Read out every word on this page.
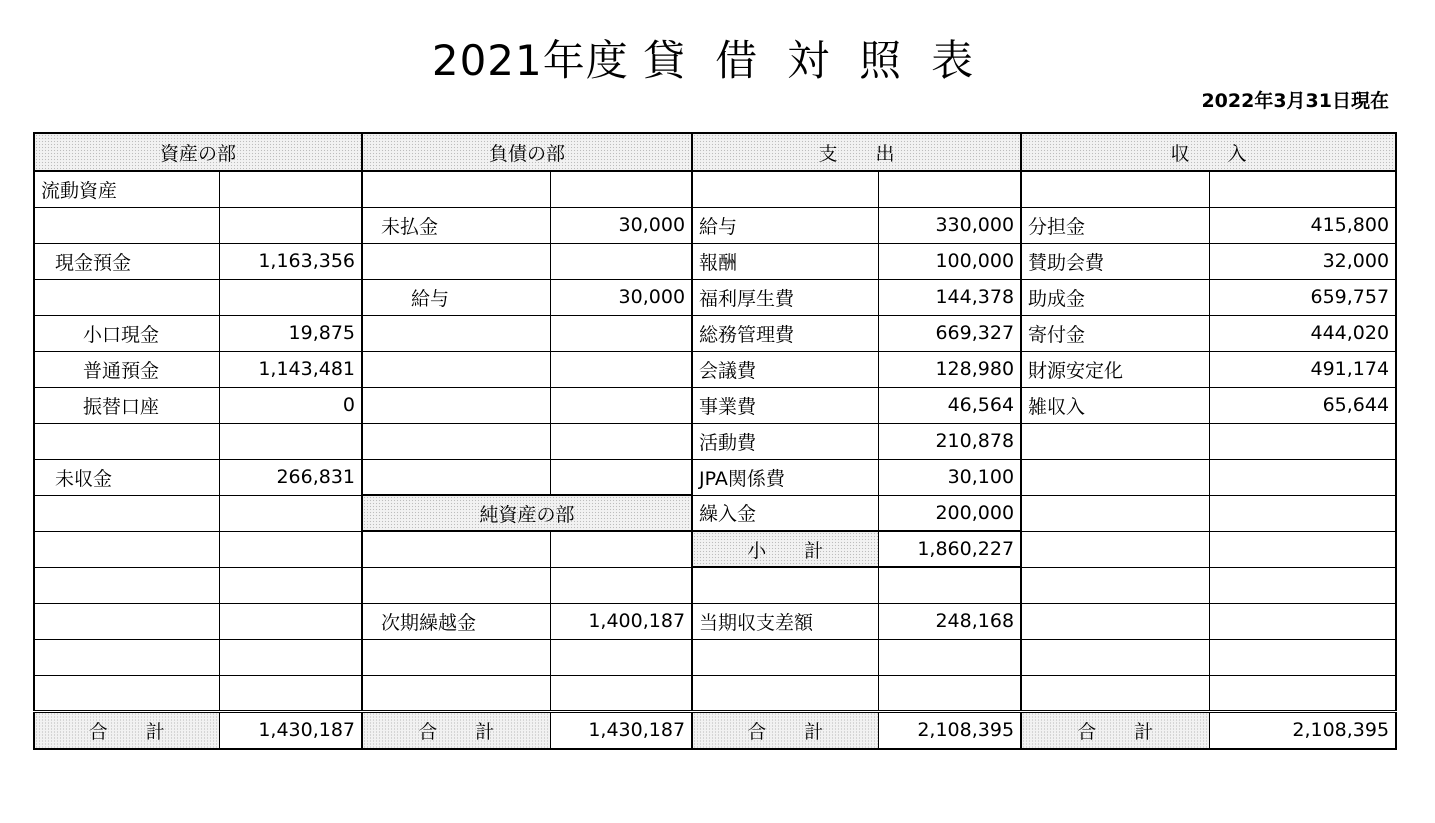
2021年度 貸借対照表
2022年3月31日現在
資産の部		負債の部		支　　出		収　　入	
流動資産							
		未払金	30,000	給与	330,000	分担金	415,800
現金預金	1,163,356			報酬	100,000	賛助会費	32,000
		給与	30,000	福利厚生費	144,378	助成金	659,757
小口現金	19,875			総務管理費	669,327	寄付金	444,020
普通預金	1,143,481			会議費	128,980	財源安定化	491,174
振替口座	0			事業費	46,564	雑収入	65,644
				活動費	210,878		
未収金	266,831			JPA関係費	30,100		
		純資産の部		繰入金	200,000		
				小　　計	1,860,227		

		次期繰越金	1,400,187	当期収支差額	248,168		

合　　計	1,430,187	合　　計	1,430,187	合　　計	2,108,395	合　　計	2,108,395
